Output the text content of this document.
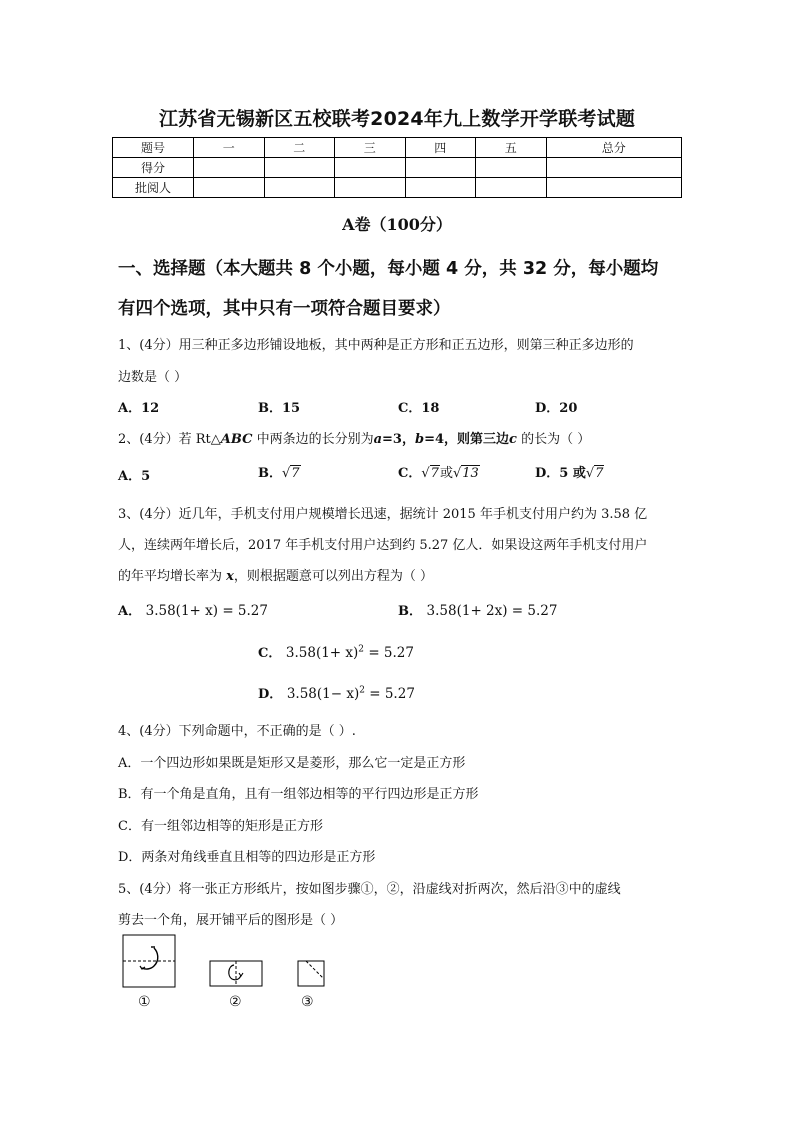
江苏省无锡新区五校联考2024年九上数学开学联考试题
题号	一	二	三	四	五	总分
得分						
批阅人						
A卷（100分）
一、选择题（本大题共 8 个小题，每小题 4 分，共 32 分，每小题均
有四个选项，其中只有一项符合题目要求）
1、(4分）用三种正多边形铺设地板，其中两种是正方形和正五边形，则第三种正多边形的
边数是（ ）
A．12	B．15	C．18	D．20
2、(4分）若 Rt△ABC 中两条边的长分别为a=3，b=4，则第三边c 的长为（ ）
A．5	B．√7	C．√7或√13	D．5 或√7
3、(4分）近几年，手机支付用户规模增长迅速，据统计 2015 年手机支付用户约为 3.58 亿
人，连续两年增长后，2017 年手机支付用户达到约 5.27 亿人．如果设这两年手机支付用户
的年平均增长率为 x，则根据题意可以列出方程为（ ）
A． 3.58(1+ x) = 5.27	B． 3.58(1+ 2x) = 5.27
C． $3.58(1+ x)^2 = 5.27$
D． $3.58(1- x)^2 = 5.27$
4、(4分）下列命题中，不正确的是（ ）.
A．一个四边形如果既是矩形又是菱形，那么它一定是正方形
B．有一个角是直角，且有一组邻边相等的平行四边形是正方形
C．有一组邻边相等的矩形是正方形
D．两条对角线垂直且相等的四边形是正方形
5、(4分）将一张正方形纸片，按如图步骤①，②，沿虚线对折两次，然后沿③中的虚线
剪去一个角，展开铺平后的图形是（ ）
①	②	③
